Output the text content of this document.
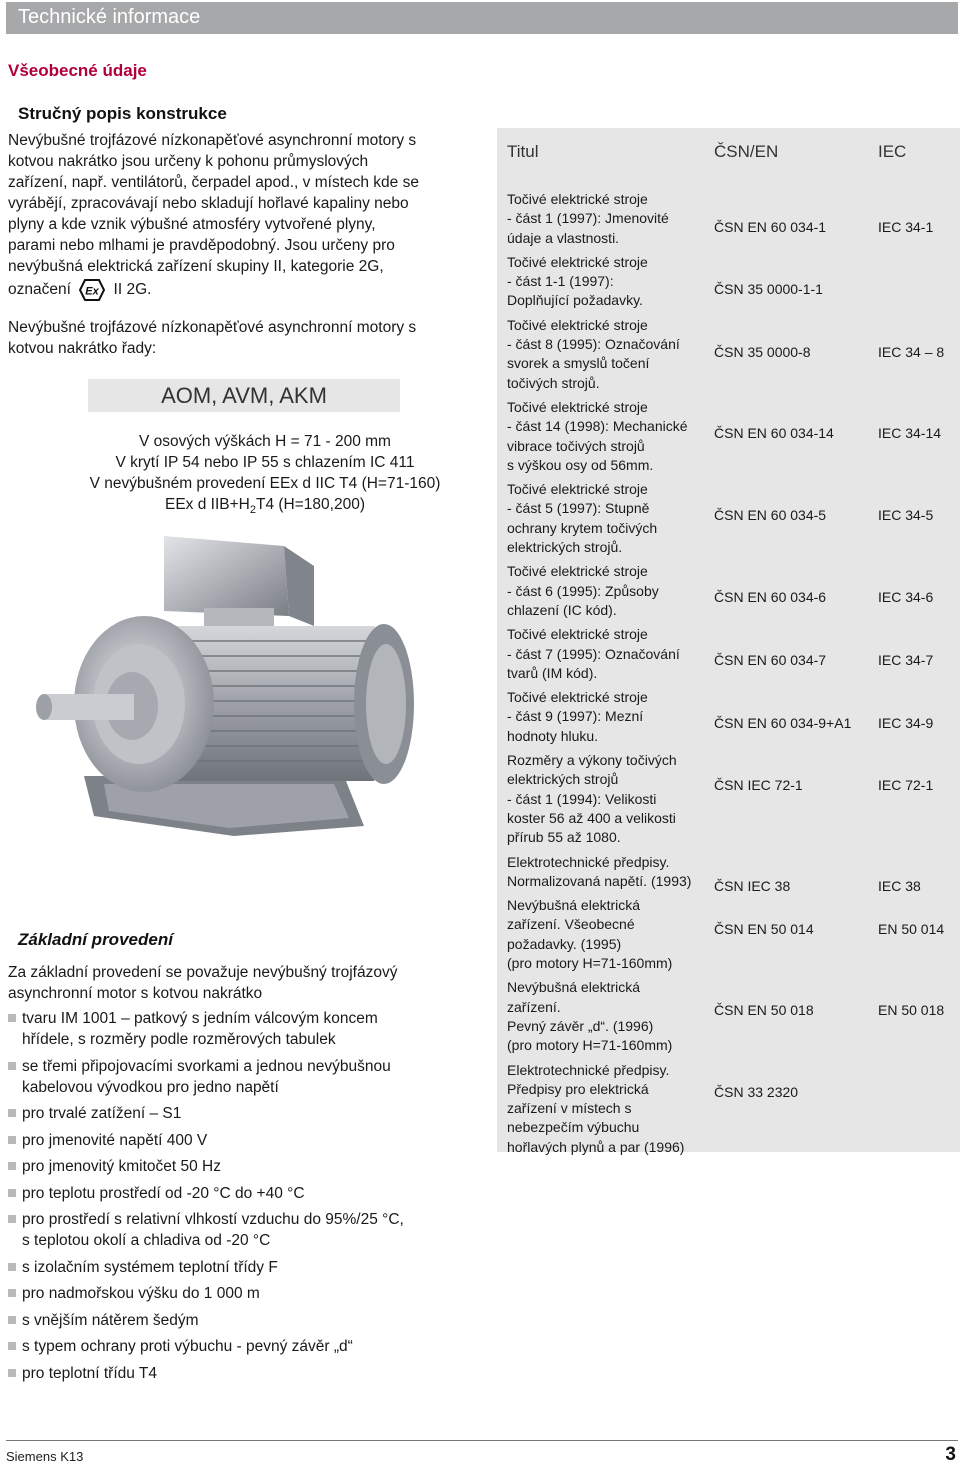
Technické informace
Všeobecné údaje
Stručný popis konstrukce
Nevýbušné trojfázové nízkonapěťové asynchronní motory s
kotvou nakrátko jsou určeny k pohonu průmyslových
zařízení, např. ventilátorů, čerpadel apod., v místech kde se
vyrábějí, zpracovávají nebo skladují hořlavé kapaliny nebo
plyny a kde vznik výbušné atmosféry vytvořené plyny,
parami nebo mlhami je pravděpodobný. Jsou určeny pro
nevýbušná elektrická zařízení skupiny II, kategorie 2G,
označení Ex II 2G.
Nevýbušné trojfázové nízkonapěťové asynchronní motory s
kotvou nakrátko řady:
AOM, AVM, AKM
V osových výškách H = 71 - 200 mm
V krytí IP 54 nebo IP 55 s chlazením IC 411
V nevýbušném provedení EEx d IIC T4 (H=71-160)
EEx d $IIB+H_2T4$ (H=180,200)
Základní provedení
Za základní provedení se považuje nevýbušný trojfázový
asynchronní motor s kotvou nakrátko
tvaru IM 1001 – patkový s jedním válcovým koncem
hřídele, s rozměry podle rozměrových tabulek
se třemi připojovacími svorkami a jednou nevýbušnou
kabelovou vývodkou pro jedno napětí
pro trvalé zatížení – S1
pro jmenovité napětí 400 V
pro jmenovitý kmitočet 50 Hz
pro teplotu prostředí od -20 °C do +40 °C
pro prostředí s relativní vlhkostí vzduchu do 95%/25 °C,
s teplotou okolí a chladiva od -20 °C
s izolačním systémem teplotní třídy F
pro nadmořskou výšku do 1 000 m
s vnějším nátěrem šedým
s typem ochrany proti výbuchu - pevný závěr „d“
pro teplotní třídu T4
Titul	ČSN/EN	IEC
Točivé elektrické stroje
- část 1 (1997): Jmenovité
údaje a vlastnosti.
ČSN EN 60 034-1	IEC 34-1
Točivé elektrické stroje
- část 1-1 (1997):
Doplňující požadavky.
ČSN 35 0000-1-1
Točivé elektrické stroje
- část 8 (1995): Označování
svorek a smyslů točení
točivých strojů.
ČSN 35 0000-8	IEC 34 – 8
Točivé elektrické stroje
- část 14 (1998): Mechanické
vibrace točivých strojů
s výškou osy od 56mm.
ČSN EN 60 034-14	IEC 34-14
Točivé elektrické stroje
- část 5 (1997): Stupně
ochrany krytem točivých
elektrických strojů.
ČSN EN 60 034-5	IEC 34-5
Točivé elektrické stroje
- část 6 (1995): Způsoby
chlazení (IC kód).
ČSN EN 60 034-6	IEC 34-6
Točivé elektrické stroje
- část 7 (1995): Označování
tvarů (IM kód).
ČSN EN 60 034-7	IEC 34-7
Točivé elektrické stroje
- část 9 (1997): Mezní
hodnoty hluku.
ČSN EN 60 034-9+A1	IEC 34-9
Rozměry a výkony točivých
elektrických strojů
- část 1 (1994): Velikosti
koster 56 až 400 a velikosti
přírub 55 až 1080.
ČSN IEC 72-1	IEC 72-1
Elektrotechnické předpisy.
Normalizovaná napětí. (1993)	ČSN IEC 38	IEC 38
Nevýbušná elektrická
zařízení. Všeobecné
požadavky. (1995)
(pro motory H=71-160mm)
ČSN EN 50 014	EN 50 014
Nevýbušná elektrická
zařízení.
Pevný závěr „d“. (1996)
(pro motory H=71-160mm)
ČSN EN 50 018	EN 50 018
Elektrotechnické předpisy.
Předpisy pro elektrická
zařízení v místech s
nebezpečím výbuchu
hořlavých plynů a par (1996)
ČSN 33 2320
Siemens K13	3
